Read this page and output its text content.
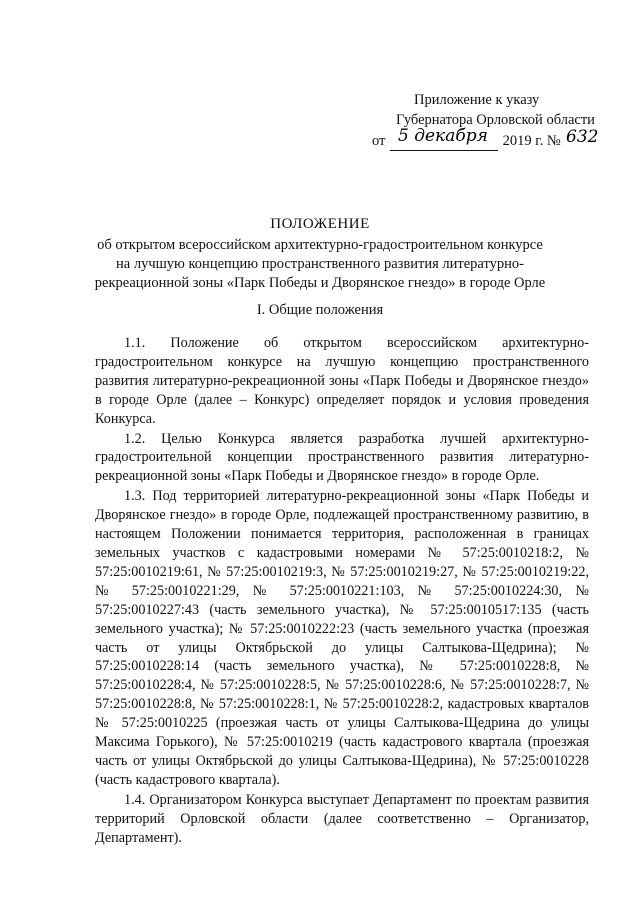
Приложение к указу
Губернатора Орловской области
от 5 декабря 2019 г. № 632
ПОЛОЖЕНИЕ
об открытом всероссийском архитектурно-градостроительном конкурсе
на лучшую концепцию пространственного развития литературно-
рекреационной зоны «Парк Победы и Дворянское гнездо» в городе Орле
I. Общие положения

1.1. Положение об открытом всероссийском архитектурно-градостроительном конкурсе на лучшую концепцию пространственного развития литературно-рекреационной зоны «Парк Победы и Дворянское гнездо» в городе Орле (далее – Конкурс) определяет порядок и условия проведения Конкурса.

1.2. Целью Конкурса является разработка лучшей архитектурно-градостроительной концепции пространственного развития литературно-рекреационной зоны «Парк Победы и Дворянское гнездо» в городе Орле.

1.3. Под территорией литературно-рекреационной зоны «Парк Победы и Дворянское гнездо» в городе Орле, подлежащей пространственному развитию, в настоящем Положении понимается территория, расположенная в границах земельных участков с кадастровыми номерами № 57:25:0010218:2, № 57:25:0010219:61, № 57:25:0010219:3, № 57:25:0010219:27, № 57:25:0010219:22, № 57:25:0010221:29, № 57:25:0010221:103, № 57:25:0010224:30, № 57:25:0010227:43 (часть земельного участка), № 57:25:0010517:135 (часть земельного участка); № 57:25:0010222:23 (часть земельного участка (проезжая часть от улицы Октябрьской до улицы Салтыкова-Щедрина); № 57:25:0010228:14 (часть земельного участка), № 57:25:0010228:8, № 57:25:0010228:4, № 57:25:0010228:5, № 57:25:0010228:6, № 57:25:0010228:7, № 57:25:0010228:8, № 57:25:0010228:1, № 57:25:0010228:2, кадастровых кварталов № 57:25:0010225 (проезжая часть от улицы Салтыкова-Щедрина до улицы Максима Горького), № 57:25:0010219 (часть кадастрового квартала (проезжая часть от улицы Октябрьской до улицы Салтыкова-Щедрина), № 57:25:0010228 (часть кадастрового квартала).

1.4. Организатором Конкурса выступает Департамент по проектам развития территорий Орловской области (далее соответственно – Организатор, Департамент).
